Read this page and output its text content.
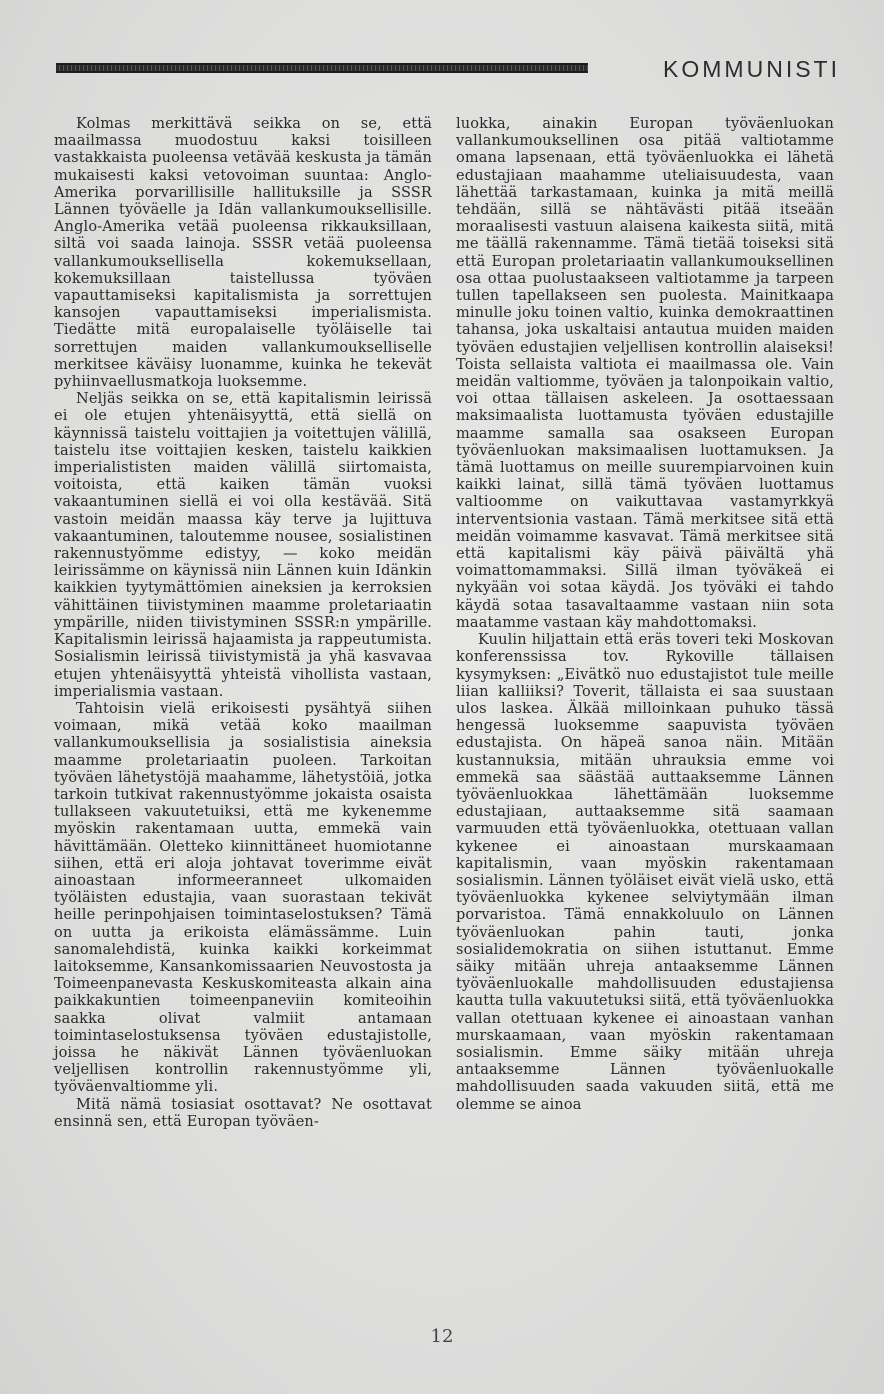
KOMMUNISTI

Kolmas merkittävä seikka on se, että maailmassa muodostuu kaksi toisilleen vastakkaista puoleensa vetävää keskusta ja tämän mukaisesti kaksi vetovoiman suuntaa: Anglo-Amerika porvarillisille hallituksille ja SSSR Lännen työväelle ja Idän vallankumouksellisille. Anglo-Amerika vetää puoleensa rikkauksillaan, siltä voi saada lainoja. SSSR vetää puoleensa vallankumouksellisella kokemuksellaan, kokemuksillaan taistellussa työväen vapauttamiseksi kapitalismista ja sorrettujen kansojen vapauttamiseksi imperialismista. Tiedätte mitä europalaiselle työläiselle tai sorrettujen maiden vallankumoukselliselle merkitsee käväisy luonamme, kuinka he tekevät pyhiinvaellusmatkoja luoksemme.

Neljäs seikka on se, että kapitalismin leirissä ei ole etujen yhtenäisyyttä, että siellä on käynnissä taistelu voittajien ja voitettujen välillä, taistelu itse voittajien kesken, taistelu kaikkien imperialististen maiden välillä siirtomaista, voitoista, että kaiken tämän vuoksi vakaantuminen siellä ei voi olla kestävää. Sitä vastoin meidän maassa käy terve ja lujittuva vakaantuminen, taloutemme nousee, sosialistinen rakennustyömme edistyy, — koko meidän leirissämme on käynissä niin Lännen kuin Idänkin kaikkien tyytymättömien aineksien ja kerroksien vähittäinen tiivistyminen maamme proletariaatin ympärille, niiden tiivistyminen SSSR:n ympärille. Kapitalismin leirissä hajaamista ja rappeutumista. Sosialismin leirissä tiivistymistä ja yhä kasvavaa etujen yhtenäisyyttä yhteistä vihollista vastaan, imperialismia vastaan.

Tahtoisin vielä erikoisesti pysähtyä siihen voimaan, mikä vetää koko maailman vallankumouksellisia ja sosialistisia aineksia maamme proletariaatin puoleen. Tarkoitan työväen lähetystöjä maahamme, lähetystöiä, jotka tarkoin tutkivat rakennustyömme jokaista osaista tullakseen vakuutetuiksi, että me kykenemme myöskin rakentamaan uutta, emmekä vain hävittämään. Oletteko kiinnittäneet huomiotanne siihen, että eri aloja johtavat toverimme eivät ainoastaan informeeranneet ulkomaiden työläisten edustajia, vaan suorastaan tekivät heille perinpohjaisen toimintaselostuksen? Tämä on uutta ja erikoista elämässämme. Luin sanomalehdistä, kuinka kaikki korkeimmat laitoksemme, Kansankomissaarien Neuvostosta ja Toimeenpanevasta Keskuskomiteasta alkain aina paikkakuntien toimeenpaneviin komiteoihin saakka olivat valmiit antamaan toimintaselostuksensa työväen edustajistolle, joissa he näkivät Lännen työväenluokan veljellisen kontrollin rakennustyömme yli, työväenvaltiomme yli.

Mitä nämä tosiasiat osottavat? Ne osottavat ensinnä sen, että Europan työväen-

luokka, ainakin Europan työväenluokan vallankumouksellinen osa pitää valtiotamme omana lapsenaan, että työväenluokka ei lähetä edustajiaan maahamme uteliaisuudesta, vaan lähettää tarkastamaan, kuinka ja mitä meillä tehdään, sillä se nähtävästi pitää itseään moraalisesti vastuun alaisena kaikesta siitä, mitä me täällä rakennamme. Tämä tietää toiseksi sitä että Europan proletariaatin vallankumouksellinen osa ottaa puolustaakseen valtiotamme ja tarpeen tullen tapellakseen sen puolesta. Mainitkaapa minulle joku toinen valtio, kuinka demokraattinen tahansa, joka uskaltaisi antautua muiden maiden työväen edustajien veljellisen kontrollin alaiseksi! Toista sellaista valtiota ei maailmassa ole. Vain meidän valtiomme, työväen ja talonpoikain valtio, voi ottaa tällaisen askeleen. Ja osottaessaan maksimaalista luottamusta työväen edustajille maamme samalla saa osakseen Europan työväenluokan maksimaalisen luottamuksen. Ja tämä luottamus on meille suurempiarvoinen kuin kaikki lainat, sillä tämä työväen luottamus valtioomme on vaikuttavaa vastamyrkkyä interventsionia vastaan. Tämä merkitsee sitä että meidän voimamme kasvavat. Tämä merkitsee sitä että kapitalismi käy päivä päivältä yhä voimattomammaksi. Sillä ilman työväkeä ei nykyään voi sotaa käydä. Jos työväki ei tahdo käydä sotaa tasavaltaamme vastaan niin sota maatamme vastaan käy mahdottomaksi.

Kuulin hiljattain että eräs toveri teki Moskovan konferenssissa tov. Rykoville tällaisen kysymyksen: „Eivätkö nuo edustajistot tule meille liian kalliiksi? Toverit, tällaista ei saa suustaan ulos laskea. Älkää milloinkaan puhuko tässä hengessä luoksemme saapuvista työväen edustajista. On häpeä sanoa näin. Mitään kustannuksia, mitään uhrauksia emme voi emmekä saa säästää auttaaksemme Lännen työväenluokkaa lähettämään luoksemme edustajiaan, auttaaksemme sitä saamaan varmuuden että työväenluokka, otettuaan vallan kykenee ei ainoastaan murskaamaan kapitalismin, vaan myöskin rakentamaan sosialismin. Lännen työläiset eivät vielä usko, että työväenluokka kykenee selviytymään ilman porvaristoa. Tämä ennakkoluulo on Lännen työväenluokan pahin tauti, jonka sosialidemokratia on siihen istuttanut. Emme säiky mitään uhreja antaaksemme Lännen työväenluokalle mahdollisuuden edustajiensa kautta tulla vakuutetuksi siitä, että työväenluokka vallan otettuaan kykenee ei ainoastaan vanhan murskaamaan, vaan myöskin rakentamaan sosialismin. Emme säiky mitään uhreja antaaksemme Lännen työväenluokalle mahdollisuuden saada vakuuden siitä, että me olemme se ainoa

12
